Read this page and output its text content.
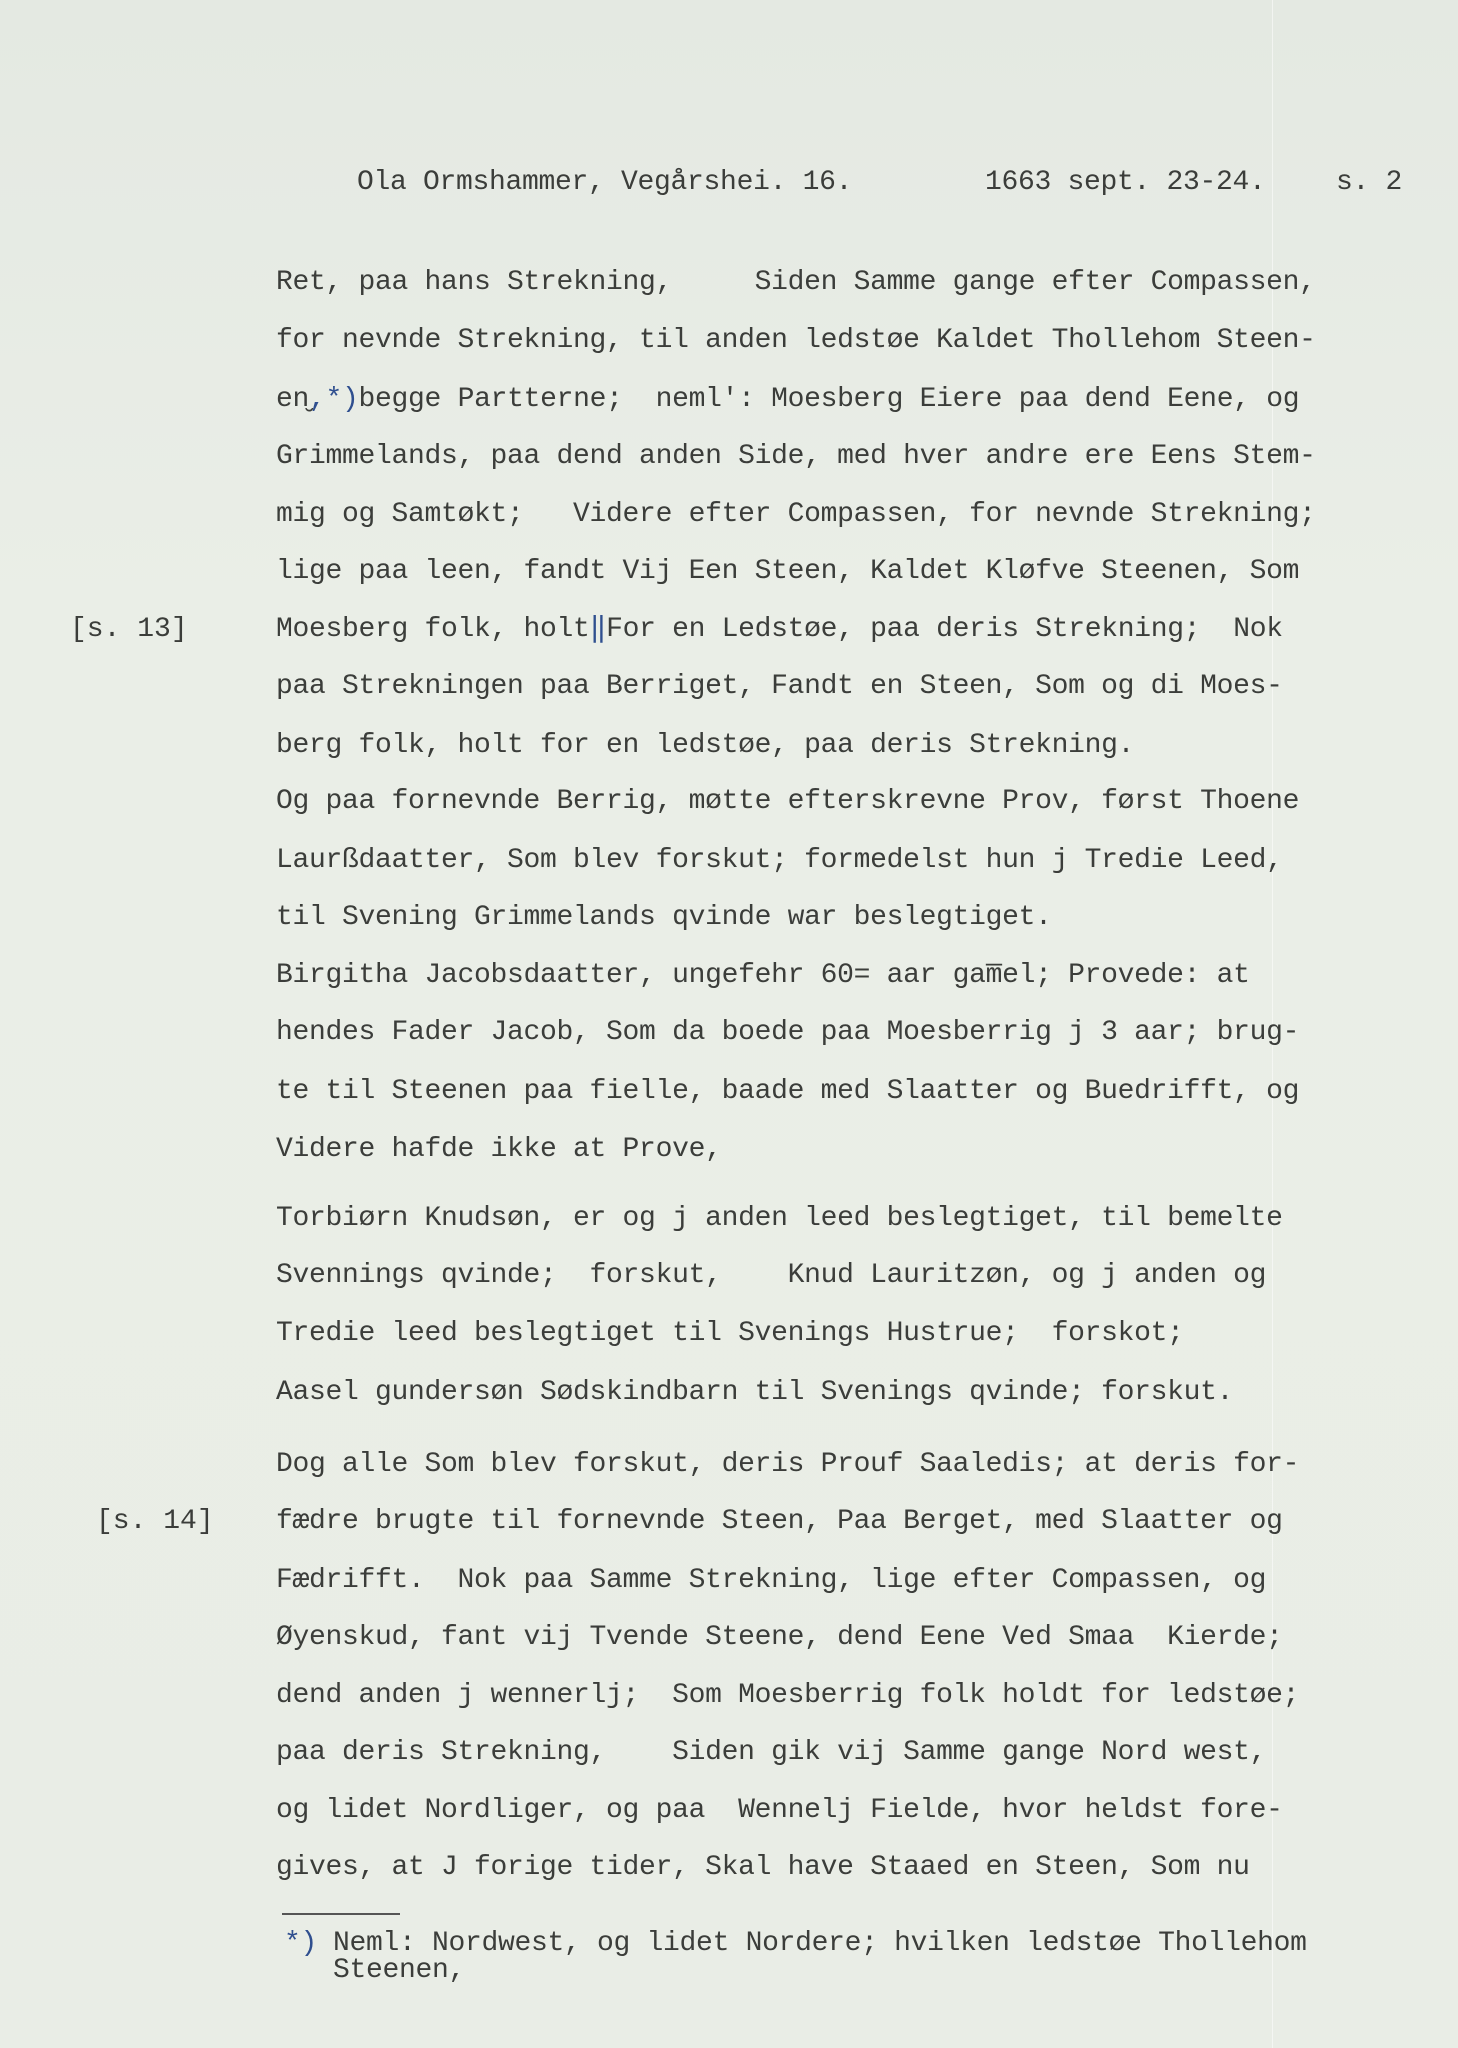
Ola Ormshammer, Vegårshei. 16.	1663 sept. 23-24.	s. 2
[s. 13]
[s. 14]
Ret, paa hans Strekning,     Siden Samme gange efter Compassen,
for nevnde Strekning, til anden ledstøe Kaldet Thollehom Steen-
en̮,*)begge Partterne;  neml': Moesberg Eiere paa dend Eene, og
Grimmelands, paa dend anden Side, med hver andre ere Eens Stem-
mig og Samtøkt;   Videre efter Compassen, for nevnde Strekning;
lige paa leen, fandt Vij Een Steen, Kaldet Kløfve Steenen, Som
Moesberg folk, holt‖For en Ledstøe, paa deris Strekning;  Nok
paa Strekningen paa Berriget, Fandt en Steen, Som og di Moes-
berg folk, holt for en ledstøe, paa deris Strekning.
Og paa fornevnde Berrig, møtte efterskrevne Prov, først Thoene
Laurßdaatter, Som blev forskut; formedelst hun j Tredie Leed,
til Svening Grimmelands qvinde war beslegtiget.
Birgitha Jacobsdaatter, ungefehr 60= aar gam̅el; Provede: at
hendes Fader Jacob, Som da boede paa Moesberrig j 3 aar; brug-
te til Steenen paa fielle, baade med Slaatter og Buedrifft, og
Videre hafde ikke at Prove,
Torbiørn Knudsøn, er og j anden leed beslegtiget, til bemelte
Svennings qvinde;  forskut,    Knud Lauritzøn, og j anden og
Tredie leed beslegtiget til Svenings Hustrue;  forskot;
Aasel gundersøn Sødskindbarn til Svenings qvinde; forskut.
Dog alle Som blev forskut, deris Prouf Saaledis; at deris for-
fædre brugte til fornevnde Steen, Paa Berget, med Slaatter og
Fædrifft.  Nok paa Samme Strekning, lige efter Compassen, og
Øyenskud, fant vij Tvende Steene, dend Eene Ved Smaa  Kierde;
dend anden j wennerlj;  Som Moesberrig folk holdt for ledstøe;
paa deris Strekning,    Siden gik vij Samme gange Nord west,
og lidet Nordliger, og paa  Wennelj Fielde, hvor heldst fore-
gives, at J forige tider, Skal have Staaed en Steen, Som nu
*) Neml: Nordwest, og lidet Nordere; hvilken ledstøe Thollehom
Steenen,
